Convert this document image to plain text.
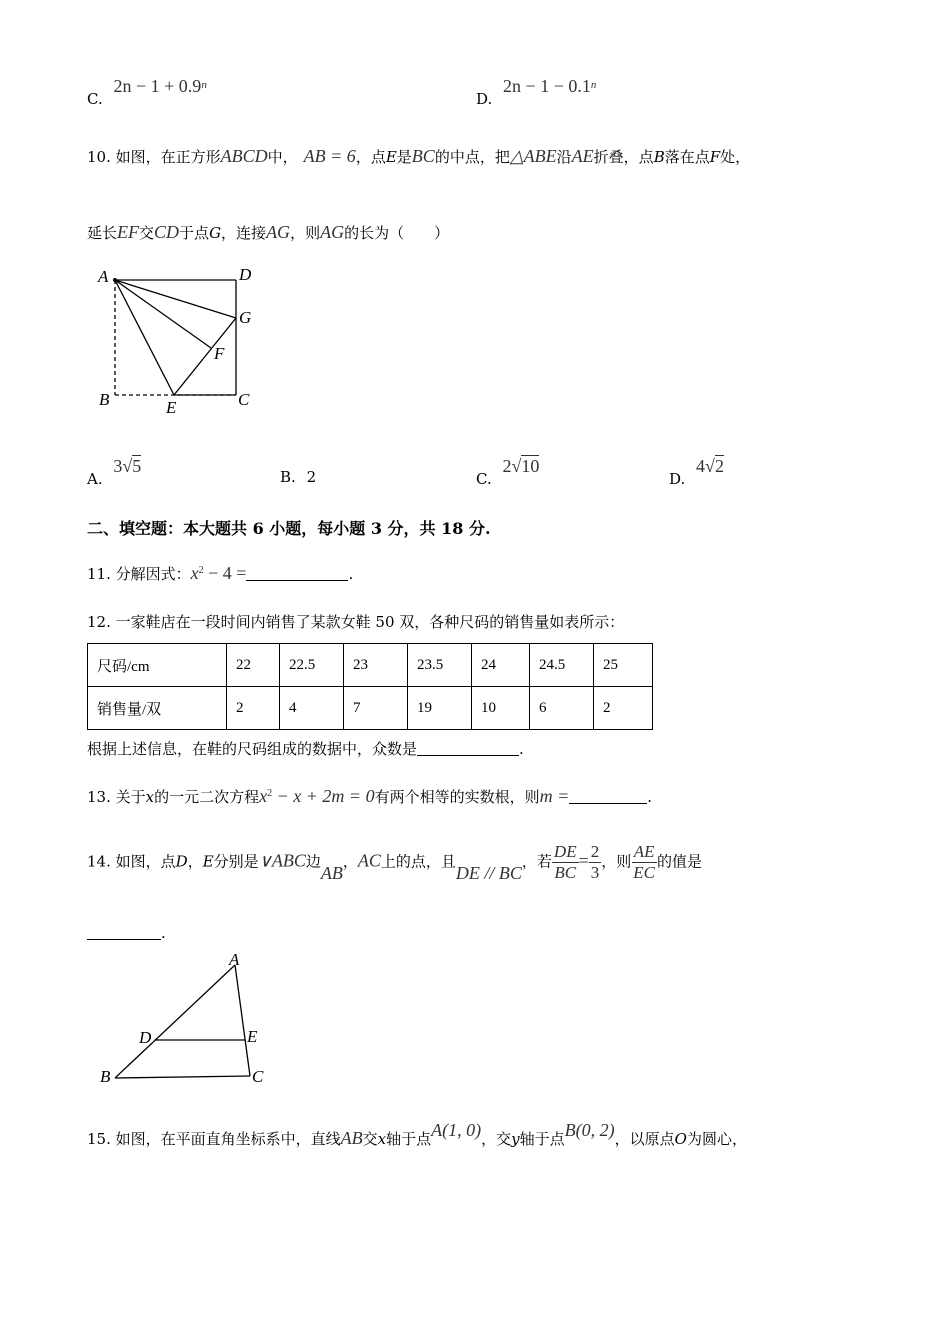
C. $2n - 1 + 0.9^n$
D. $2n - 1 - 0.1^n$
10. 如图，在正方形ABCD中， AB = 6，点E是BC的中点，把△ABE沿AE折叠，点B落在点F处，
延长EF交CD于点G，连接AG，则AG的长为（　　）
A	D
G
F
B	E	C
A. 3√5
B. 2	C. 2√10
D. 4√2
二、填空题：本大题共 6 小题，每小题 3 分，共 18 分.
11. 分解因式：$x^2 - 4$ =	.
12. 一家鞋店在一段时间内销售了某款女鞋 50 双，各种尺码的销售量如表所示：
尺码/cm	22	22.5	23	23.5	24	24.5	25
销售量/双	2	4	7	19	10	6	2
根据上述信息，在鞋的尺码组成的数据中，众数是	.
13. 关于x的一元二次方程$x^2 - x + 2m = 0$有两个相等的实数根，则m =	.
14. 如图，点D，E分别是∨ABC边AB，AC上的点，且DE // BC，若 $\frac{DE}{BC} = \frac{2}{3}$ ，则 $\frac{AE}{EC}$ 的值是
.
A
D	E
B	C
15. 如图，在平面直角坐标系中，直线AB交x轴于点A(1, 0)，交y轴于点B(0, 2)，以原点O为圆心，
